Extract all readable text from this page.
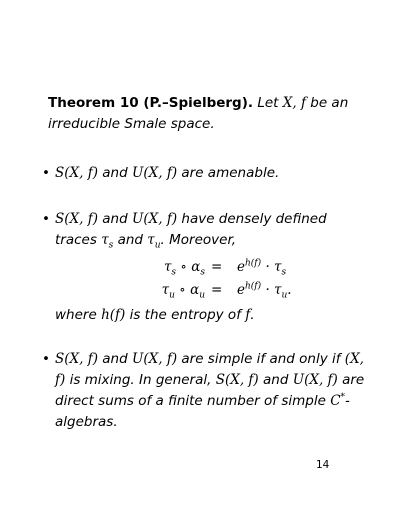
Theorem 10 (P.–Spielberg). Let X, f be an irreducible Smale space.
• S(X, f) and U(X, f) are amenable.
• S(X, f) and U(X, f) have densely defined traces $\tau_s$ and $\tau_u$. Moreover,
$\tau_s$ ∘ $\alpha_s = e^{h(f)} \cdot \tau_s$
$\tau_u$ ∘ $\alpha_u = e^{h(f)} \cdot \tau_u$.
where h(f) is the entropy of f.
• S(X, f) and U(X, f) are simple if and only if (X, f) is mixing. In general, S(X, f) and U(X, f) are direct sums of a finite number of simple C*-algebras.
14
